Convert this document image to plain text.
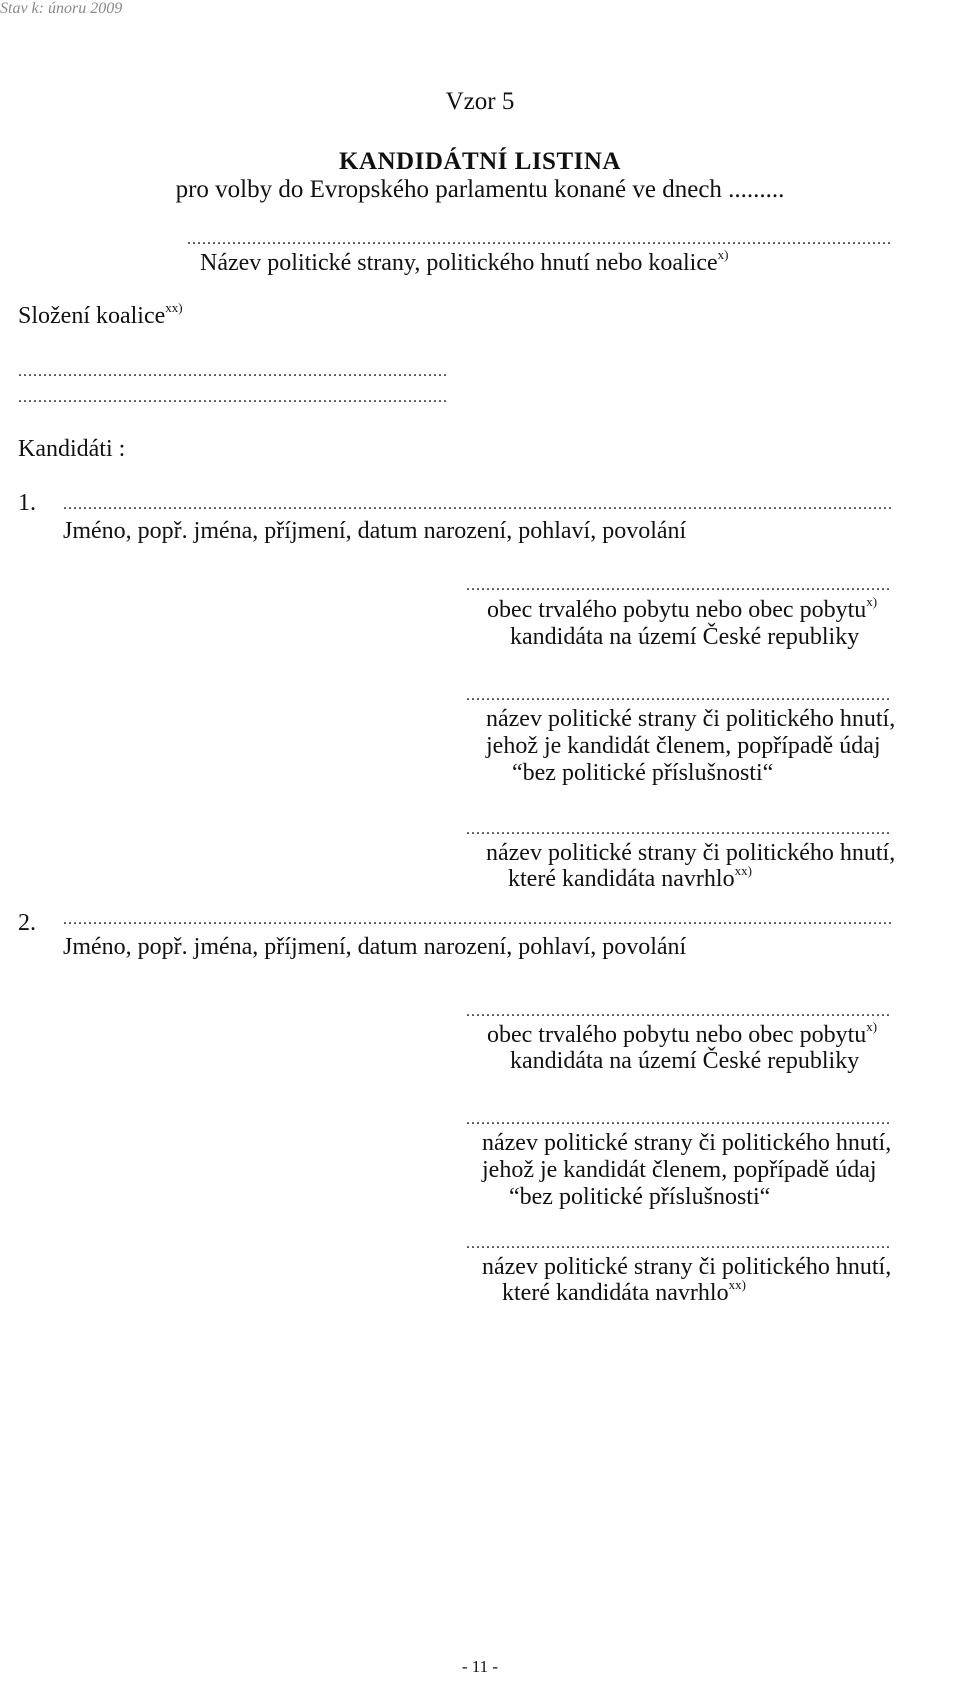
Stav k: únoru 2009
Vzor 5
KANDIDÁTNÍ LISTINA
pro volby do Evropského parlamentu konané ve dnech .........
.....
Název politické strany, politického hnutí nebo koalice$^{x)}$
Složení koalice$^{xx)}$
.....
.....
Kandidáti :
1.
.....
Jméno, popř. jména, příjmení, datum narození, pohlaví, povolání
.....
obec trvalého pobytu nebo obec pobytu$^{x)}$
kandidáta na území České republiky
.....
název politické strany či politického hnutí,
jehož je kandidát členem, popřípadě údaj
“bez politické příslušnosti“
.....
název politické strany či politického hnutí,
které kandidáta navrhlo$^{xx)}$
2.
.....
Jméno, popř. jména, příjmení, datum narození, pohlaví, povolání
.....
obec trvalého pobytu nebo obec pobytu$^{x)}$
kandidáta na území České republiky
.....
název politické strany či politického hnutí,
jehož je kandidát členem, popřípadě údaj
“bez politické příslušnosti“
.....
název politické strany či politického hnutí,
které kandidáta navrhlo$^{xx)}$
- 11 -
